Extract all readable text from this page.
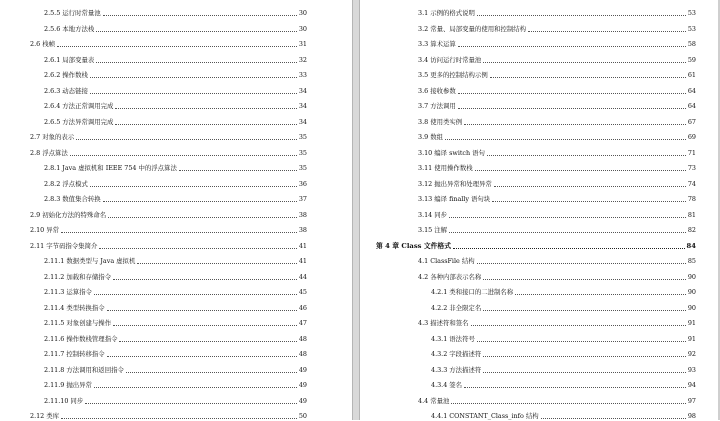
2.5.5 运行时常量池	30
2.5.6 本地方法栈	30
2.6 栈帧	31
2.6.1 局部变量表	32
2.6.2 操作数栈	33
2.6.3 动态链接	34
2.6.4 方法正常调用完成	34
2.6.5 方法异常调用完成	34
2.7 对象的表示	35
2.8 浮点算法	35
2.8.1 Java 虚拟机和 IEEE 754 中的浮点算法	35
2.8.2 浮点模式	36
2.8.3 数值集合转换	37
2.9 初始化方法的特殊命名	38
2.10 异常	38
2.11 字节码指令集简介	41
2.11.1 数据类型与 Java 虚拟机	41
2.11.2 加载和存储指令	44
2.11.3 运算指令	45
2.11.4 类型转换指令	46
2.11.5 对象创建与操作	47
2.11.6 操作数栈管理指令	48
2.11.7 控制转移指令	48
2.11.8 方法调用和返回指令	49
2.11.9 抛出异常	49
2.11.10 同步	49
2.12 类库	50
3.1 示例的格式说明	53
3.2 常量、局部变量的使用和控制结构	53
3.3 算术运算	58
3.4 访问运行时常量池	59
3.5 更多的控制结构示例	61
3.6 接收参数	64
3.7 方法调用	64
3.8 使用类实例	67
3.9 数组	69
3.10 编译 switch 语句	71
3.11 使用操作数栈	73
3.12 抛出异常和处理异常	74
3.13 编译 finally 语句块	78
3.14 同步	81
3.15 注解	82
第 4 章 Class 文件格式	84
4.1 ClassFile 结构	85
4.2 各种内部表示名称	90
4.2.1 类和接口的二进制名称	90
4.2.2 非全限定名	90
4.3 描述符和签名	91
4.3.1 语法符号	91
4.3.2 字段描述符	92
4.3.3 方法描述符	93
4.3.4 签名	94
4.4 常量池	97
4.4.1 CONSTANT_Class_info 结构	98
